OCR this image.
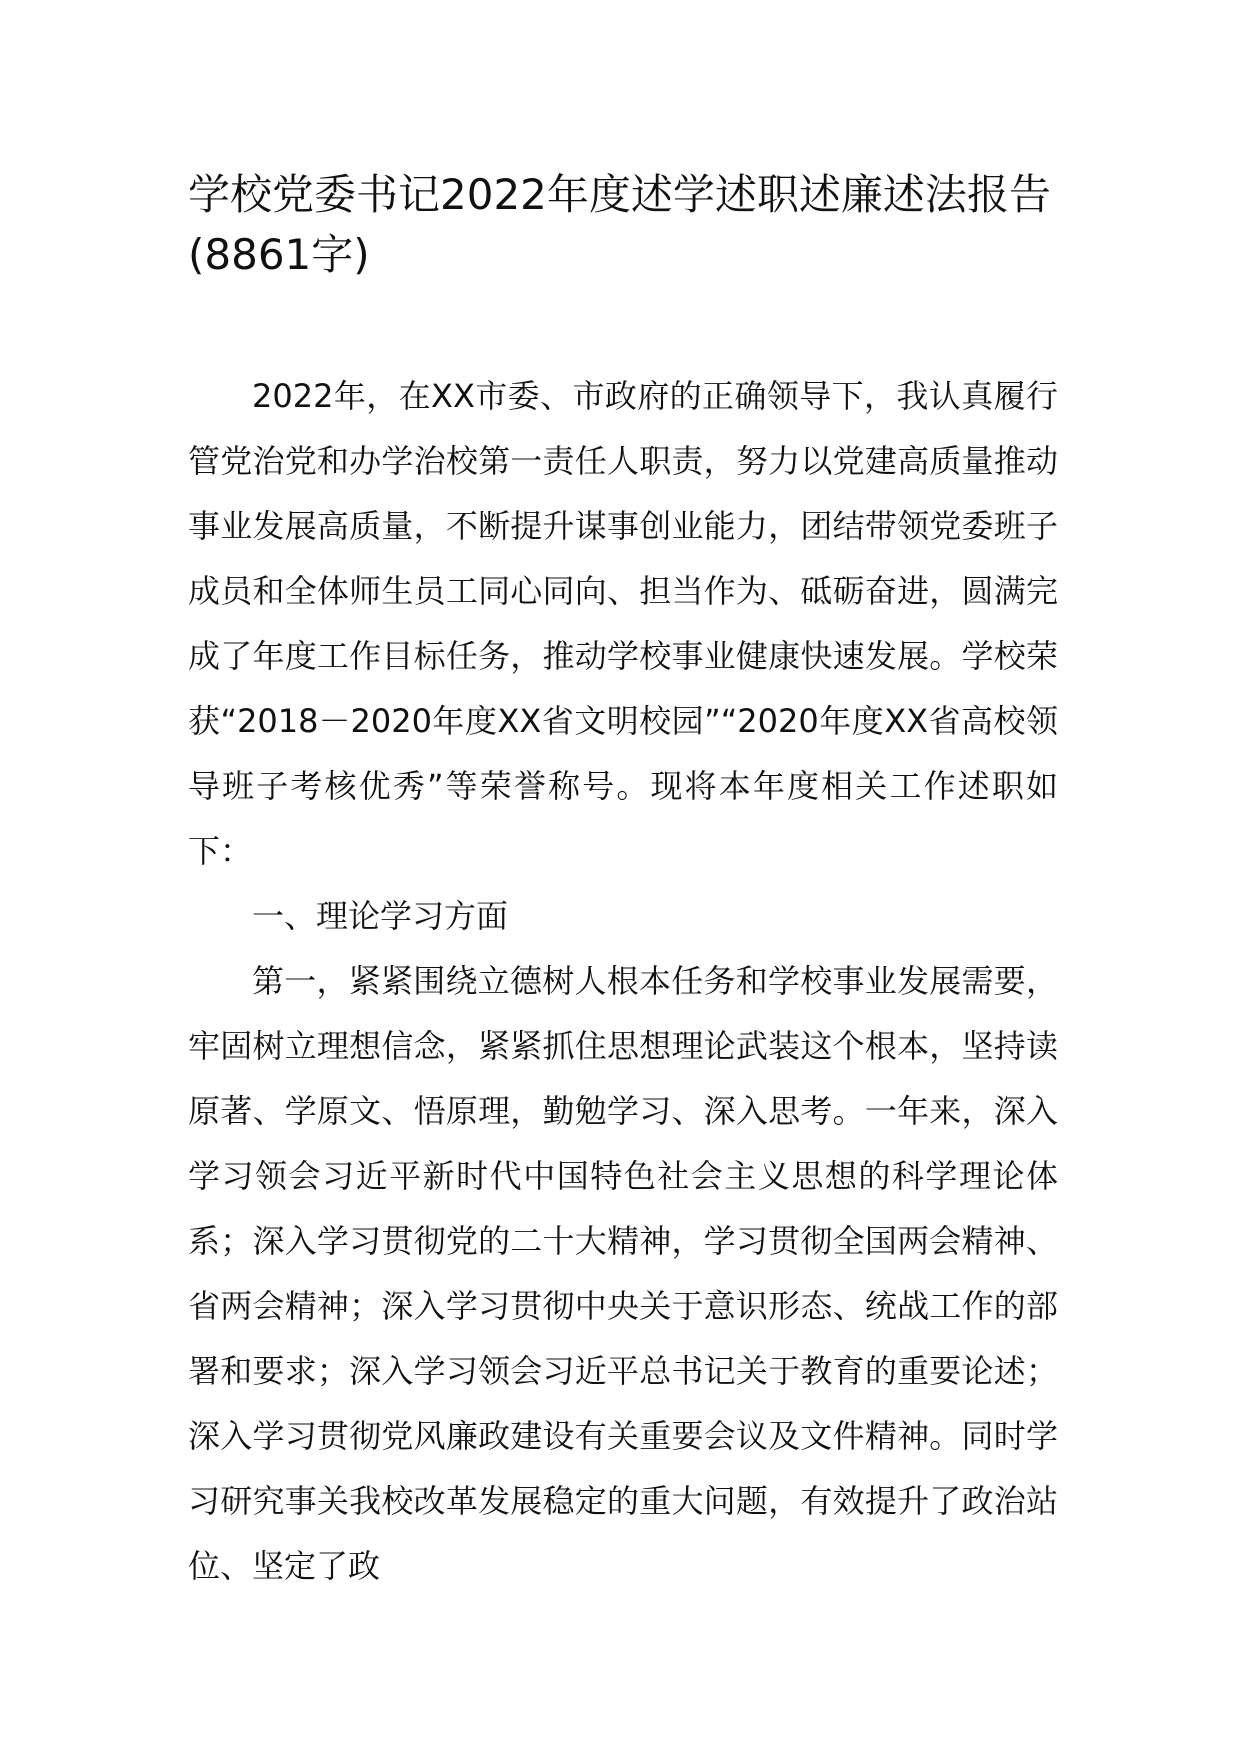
学校党委书记2022年度述学述职述廉述法报告(8861字)

2022年，在XX市委、市政府的正确领导下，我认真履行管党治党和办学治校第一责任人职责，努力以党建高质量推动事业发展高质量，不断提升谋事创业能力，团结带领党委班子成员和全体师生员工同心同向、担当作为、砥砺奋进，圆满完成了年度工作目标任务，推动学校事业健康快速发展。学校荣获“2018－2020年度XX省文明校园”“2020年度XX省高校领导班子考核优秀”等荣誉称号。现将本年度相关工作述职如下：

一、理论学习方面

第一，紧紧围绕立德树人根本任务和学校事业发展需要，牢固树立理想信念，紧紧抓住思想理论武装这个根本，坚持读原著、学原文、悟原理，勤勉学习、深入思考。一年来，深入学习领会习近平新时代中国特色社会主义思想的科学理论体系；深入学习贯彻党的二十大精神，学习贯彻全国两会精神、省两会精神；深入学习贯彻中央关于意识形态、统战工作的部署和要求；深入学习领会习近平总书记关于教育的重要论述；深入学习贯彻党风廉政建设有关重要会议及文件精神。同时学习研究事关我校改革发展稳定的重大问题，有效提升了政治站位、坚定了政
